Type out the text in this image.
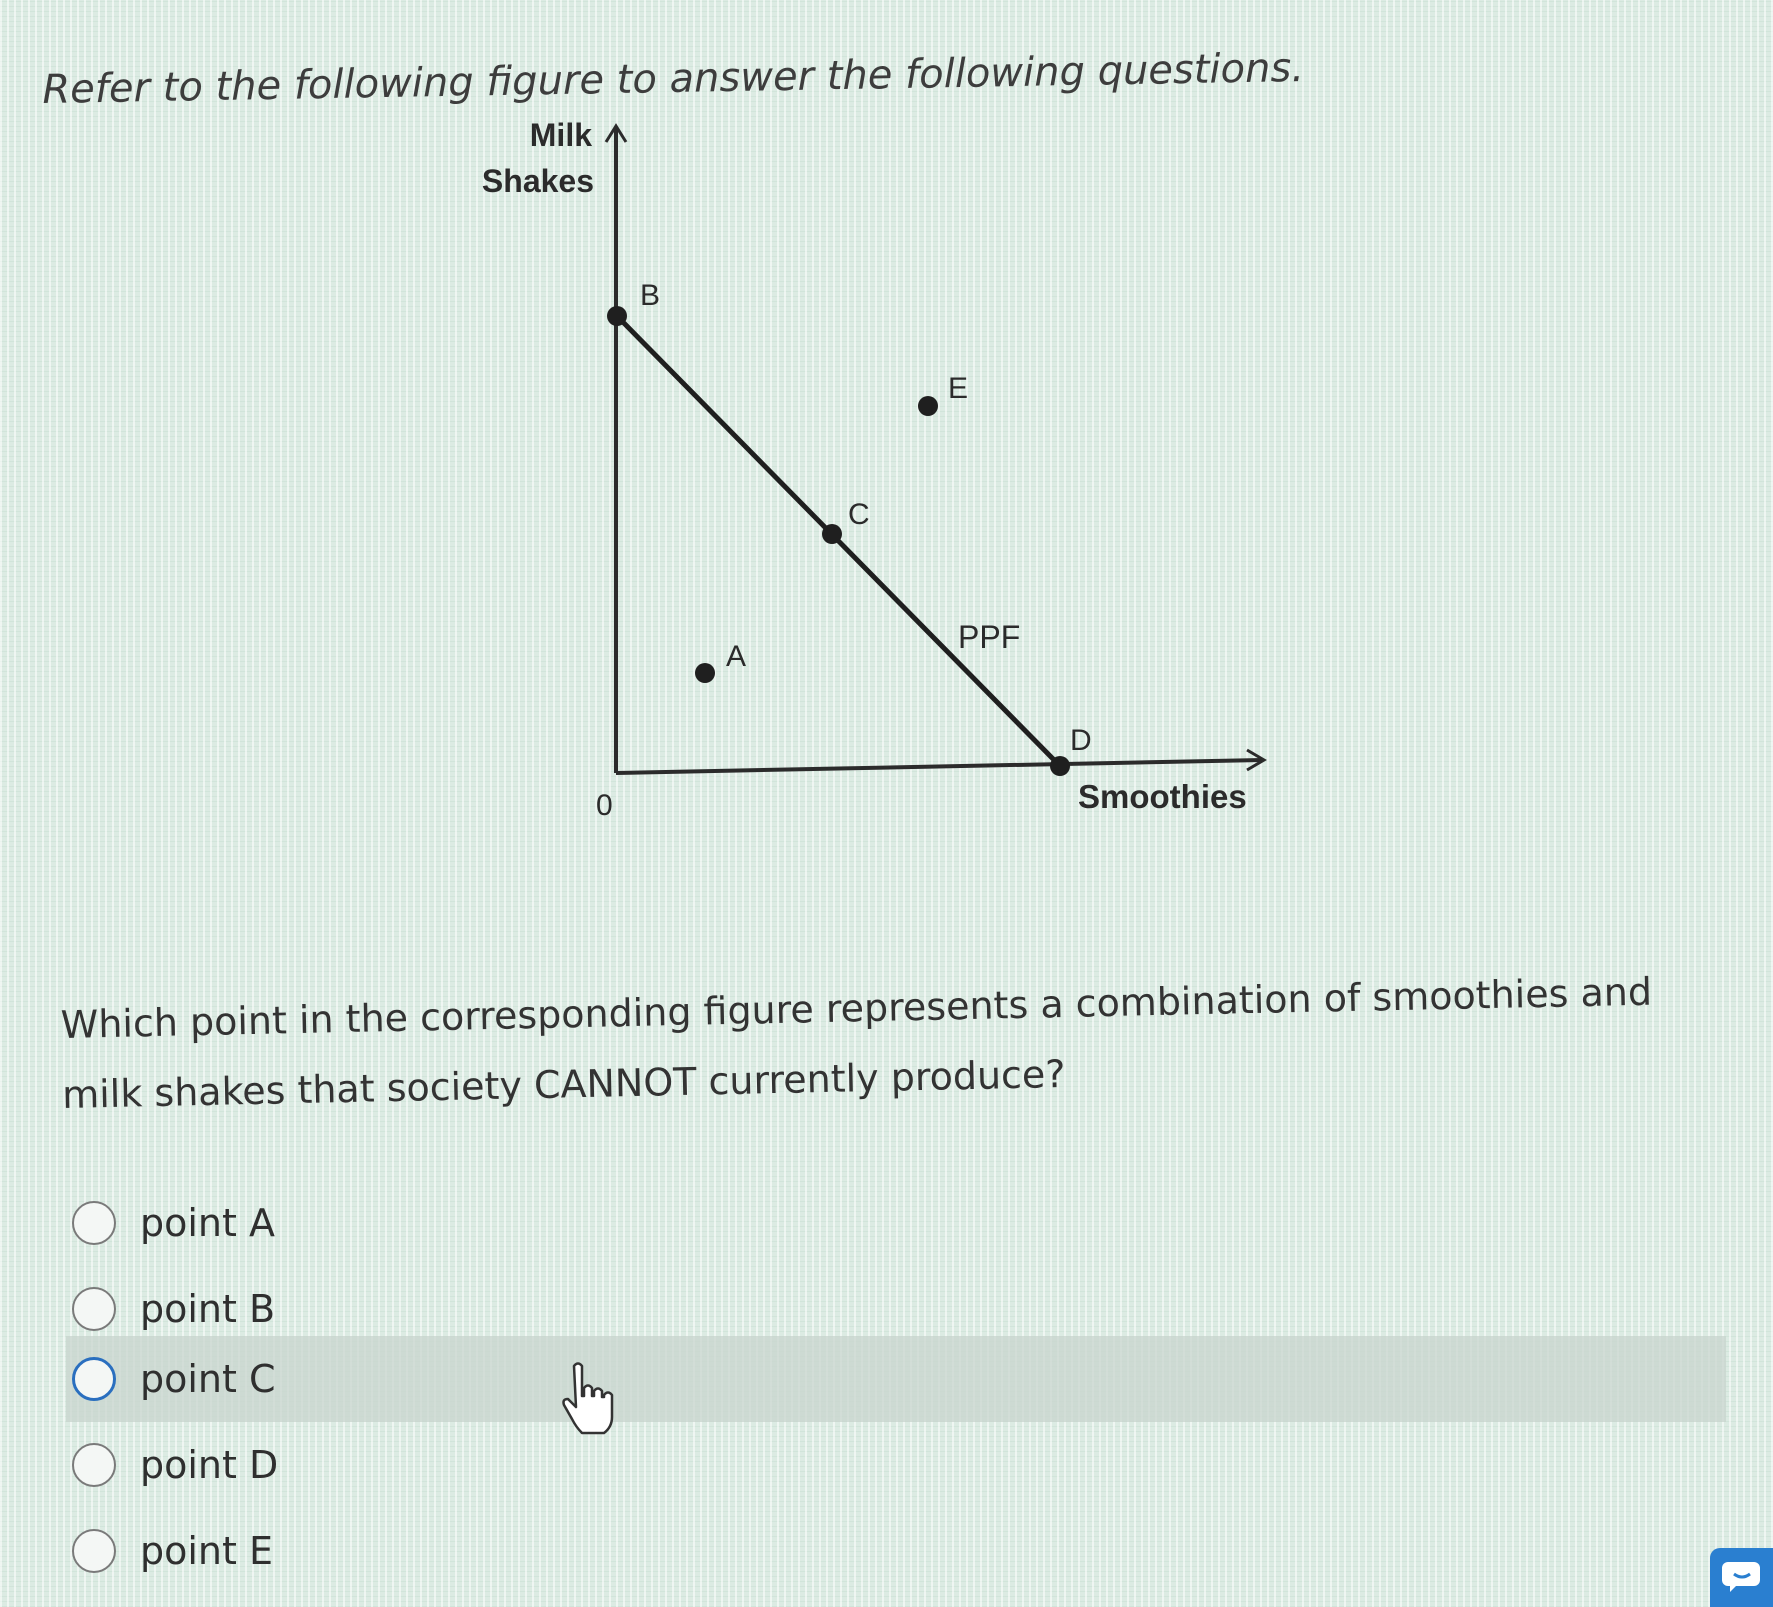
Refer to the following figure to answer the following questions.

Milk
Shakes
Smoothies
0
PPF
B
C
E
A
D

Which point in the corresponding figure represents a combination of smoothies and milk shakes that society CANNOT currently produce?

point A
point B
point C
point D
point E
